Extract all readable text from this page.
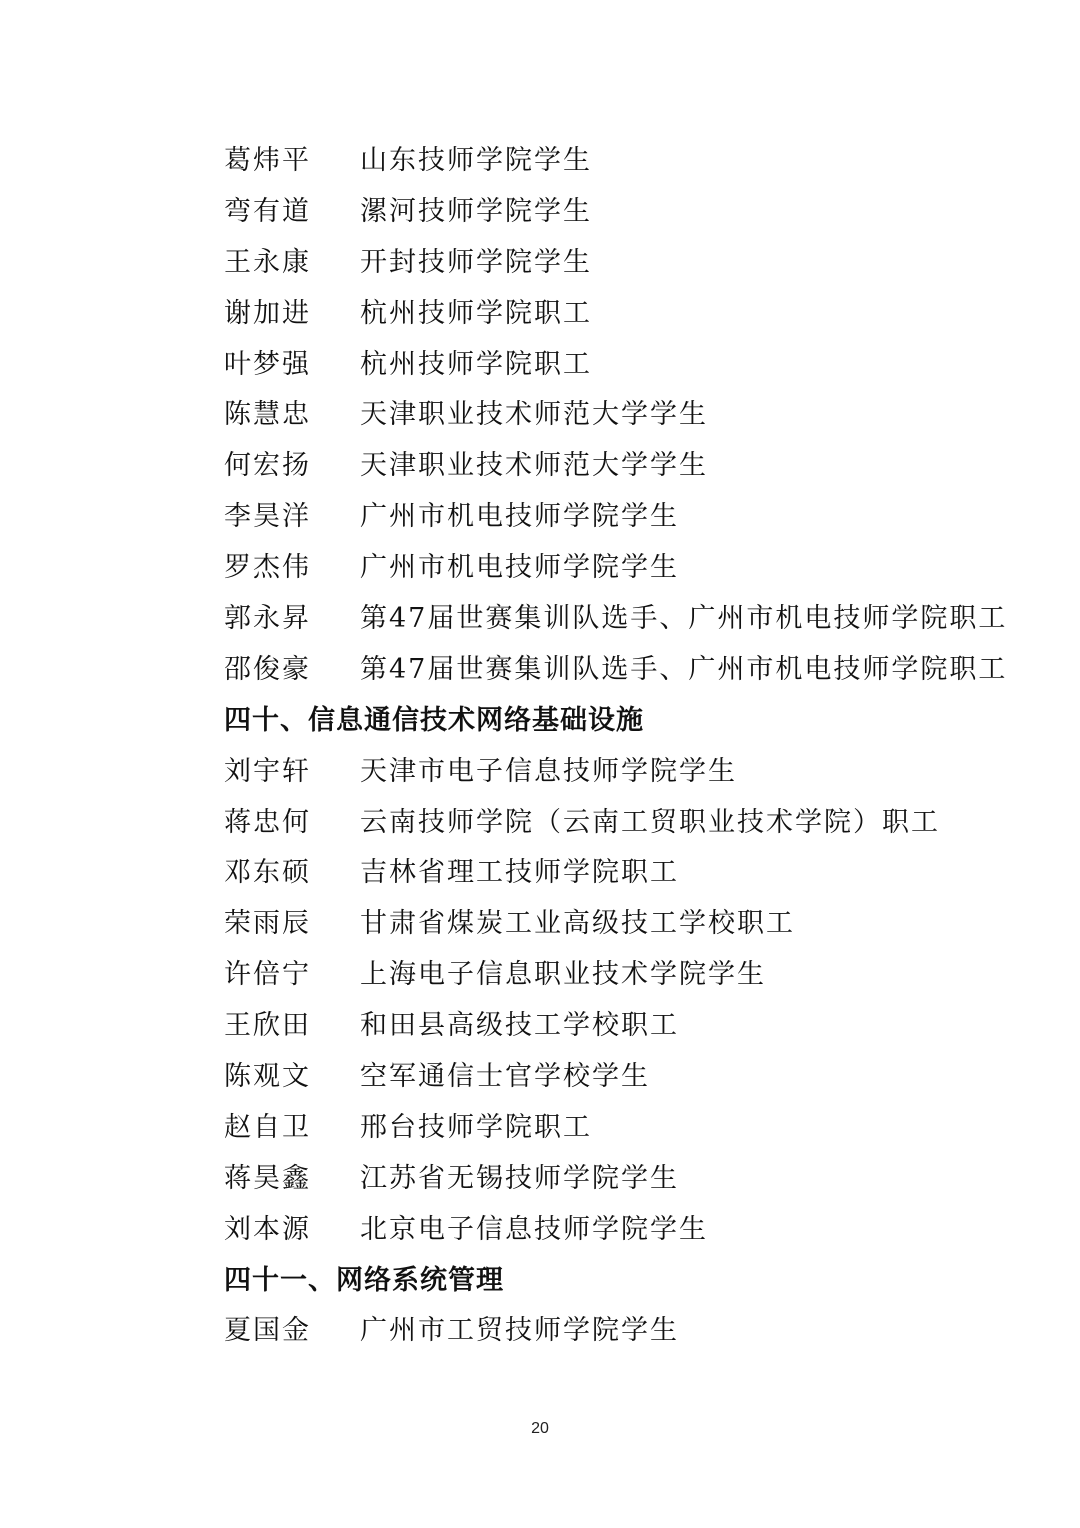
葛炜平 山东技师学院学生
弯有道 漯河技师学院学生
王永康 开封技师学院学生
谢加进 杭州技师学院职工
叶梦强 杭州技师学院职工
陈慧忠 天津职业技术师范大学学生
何宏扬 天津职业技术师范大学学生
李昊洋 广州市机电技师学院学生
罗杰伟 广州市机电技师学院学生
郭永昇 第47届世赛集训队选手、广州市机电技师学院职工
邵俊豪 第47届世赛集训队选手、广州市机电技师学院职工
四十、信息通信技术网络基础设施
刘宇轩 天津市电子信息技师学院学生
蒋忠何 云南技师学院（云南工贸职业技术学院）职工
邓东硕 吉林省理工技师学院职工
荣雨辰 甘肃省煤炭工业高级技工学校职工
许倍宁 上海电子信息职业技术学院学生
王欣田 和田县高级技工学校职工
陈观文 空军通信士官学校学生
赵自卫 邢台技师学院职工
蒋昊鑫 江苏省无锡技师学院学生
刘本源 北京电子信息技师学院学生
四十一、网络系统管理
夏国金 广州市工贸技师学院学生
20
